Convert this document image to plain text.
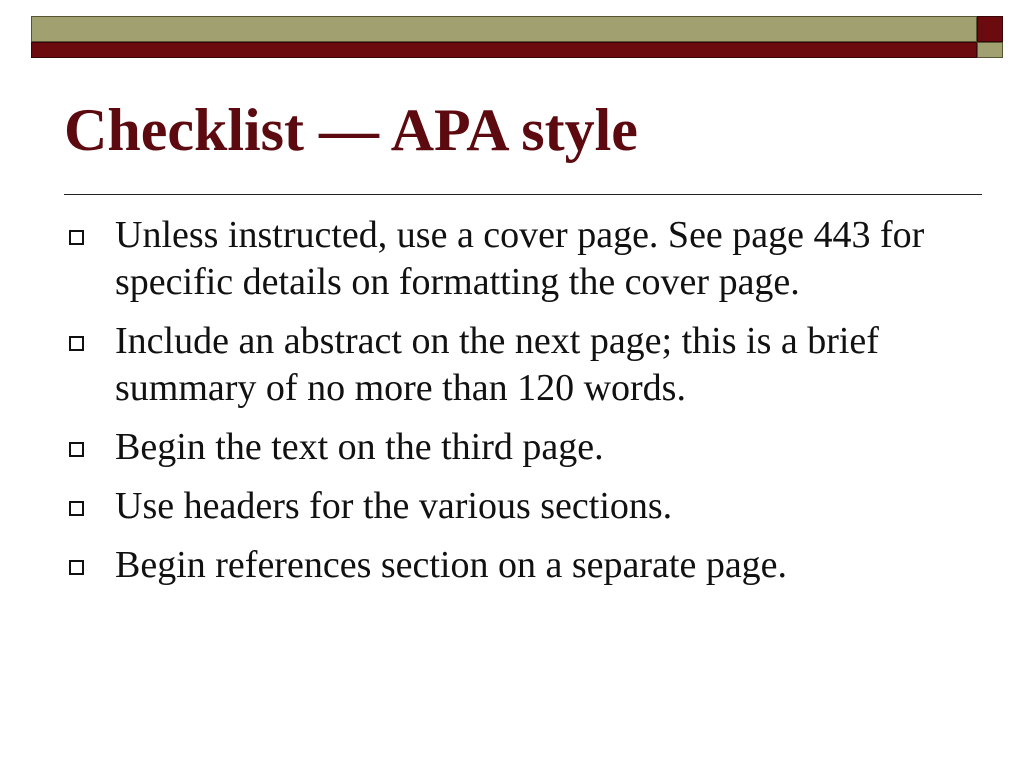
Checklist — APA style
Unless instructed, use a cover page. See page 443 for specific details on formatting the cover page.
Include an abstract on the next page; this is a brief summary of no more than 120 words.
Begin the text on the third page.
Use headers for the various sections.
Begin references section on a separate page.
